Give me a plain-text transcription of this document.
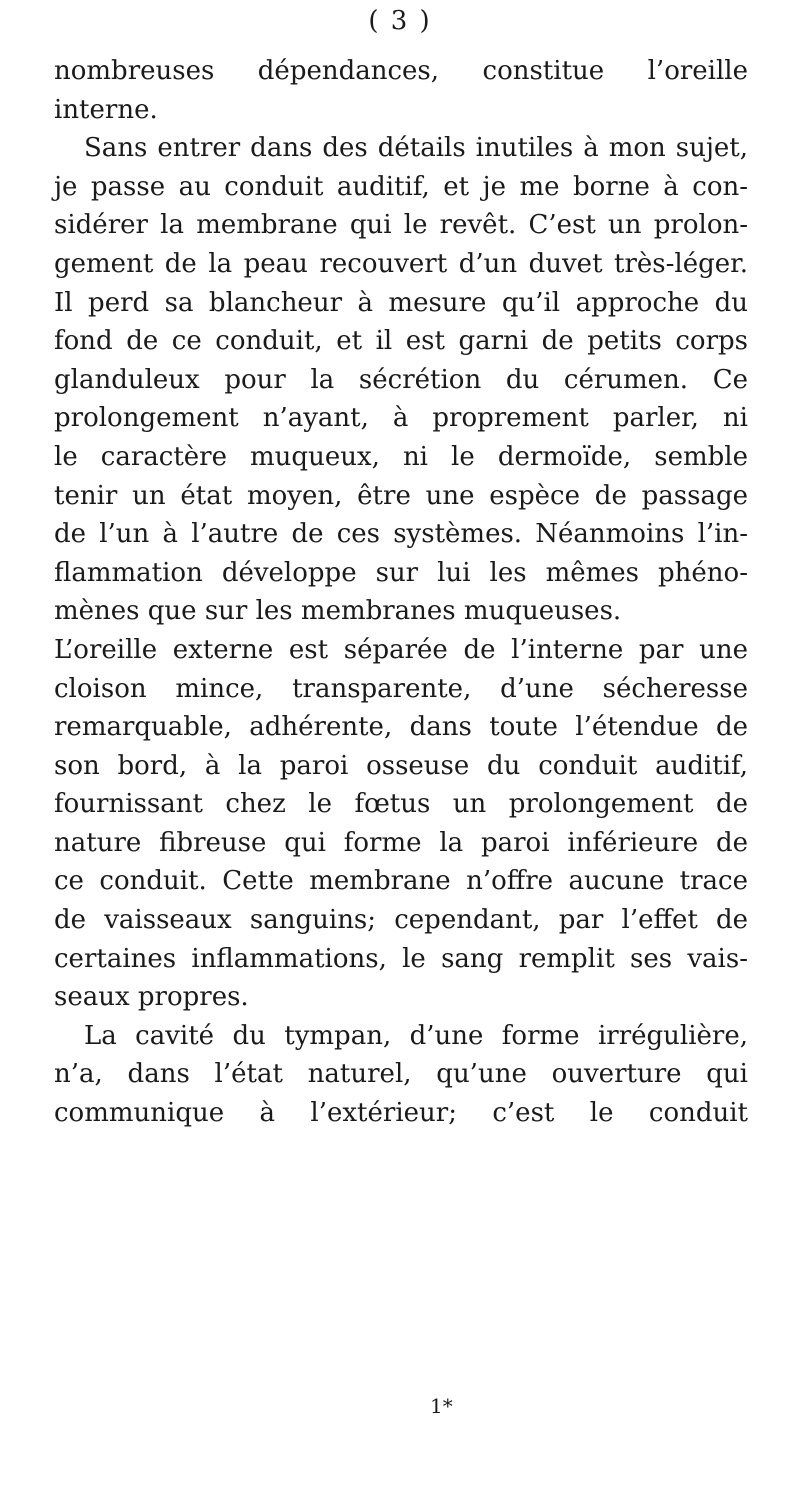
( 3 )
nombreuses dépendances, constitue l’oreille
interne.
Sans entrer dans des détails inutiles à mon sujet,
je passe au conduit auditif, et je me borne à con-
sidérer la membrane qui le revêt. C’est un prolon-
gement de la peau recouvert d’un duvet très-léger.
Il perd sa blancheur à mesure qu’il approche du
fond de ce conduit, et il est garni de petits corps
glanduleux pour la sécrétion du cérumen. Ce
prolongement n’ayant, à proprement parler, ni
le caractère muqueux, ni le dermoïde, semble
tenir un état moyen, être une espèce de passage
de l’un à l’autre de ces systèmes. Néanmoins l’in-
flammation développe sur lui les mêmes phéno-
mènes que sur les membranes muqueuses.
L’oreille externe est séparée de l’interne par une
cloison mince, transparente, d’une sécheresse
remarquable, adhérente, dans toute l’étendue de
son bord, à la paroi osseuse du conduit auditif,
fournissant chez le fœtus un prolongement de
nature fibreuse qui forme la paroi inférieure de
ce conduit. Cette membrane n’offre aucune trace
de vaisseaux sanguins; cependant, par l’effet de
certaines inflammations, le sang remplit ses vais-
seaux propres.
La cavité du tympan, d’une forme irrégulière,
n’a, dans l’état naturel, qu’une ouverture qui
communique à l’extérieur; c’est le conduit
1*
